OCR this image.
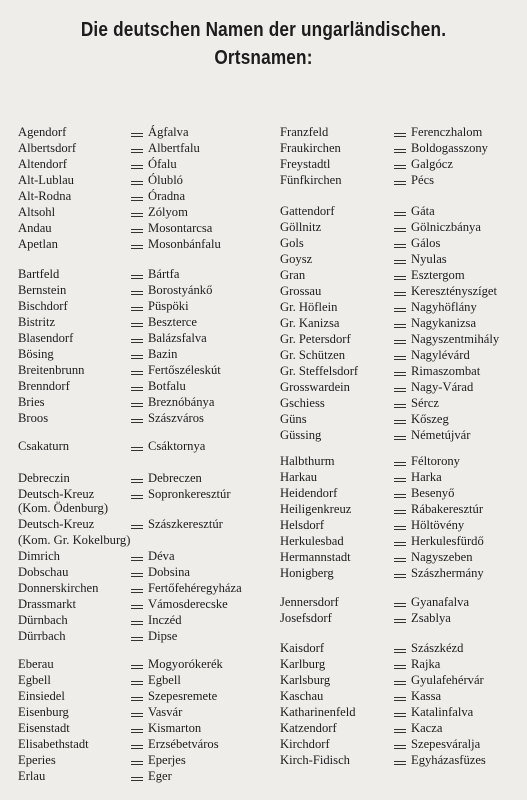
Die deutschen Namen der ungarländischen.
Ortsnamen:
Agendorf	Ágfalva
Albertsdorf	Albertfalu
Altendorf	Ófalu
Alt-Lublau	Ólubló
Alt-Rodna	Óradna
Altsohl	Zólyom
Andau	Mosontarcsa
Apetlan	Mosonbánfalu
Bartfeld	Bártfa
Bernstein	Borostyánkő
Bischdorf	Püspöki
Bistritz	Beszterce
Blasendorf	Balázsfalva
Bösing	Bazin
Breitenbrunn	Fertőszéleskút
Brenndorf	Botfalu
Bries	Breznóbánya
Broos	Szászváros
Csakaturn	Csáktornya
Debreczin	Debreczen
Deutsch-Kreuz	Sopronkeresztúr
(Kom. Ödenburg)
Deutsch-Kreuz	Szászkeresztúr
(Kom. Gr. Kokelburg)
Dimrich	Déva
Dobschau	Dobsina
Donnerskirchen	Fertőfehéregyháza
Drassmarkt	Vámosderecske
Dürnbach	Inczéd
Dürrbach	Dipse
Eberau	Mogyorókerék
Egbell	Egbell
Einsiedel	Szepesremete
Eisenburg	Vasvár
Eisenstadt	Kismarton
Elisabethstadt	Erzsébetváros
Eperies	Eperjes
Erlau	Eger
Franzfeld	Ferenczhalom
Fraukirchen	Boldogasszony
Freystadtl	Galgócz
Fünfkirchen	Pécs
Gattendorf	Gáta
Göllnitz	Gölniczbánya
Gols	Gálos
Goysz	Nyulas
Gran	Esztergom
Grossau	Keresztényszíget
Gr. Höflein	Nagyhöflány
Gr. Kanizsa	Nagykanizsa
Gr. Petersdorf	Nagyszentmihály
Gr. Schützen	Nagylévárd
Gr. Steffelsdorf	Rimaszombat
Grosswardein	Nagy-Várad
Gschiess	Sércz
Güns	Kőszeg
Güssing	Németújvár
Halbthurm	Féltorony
Harkau	Harka
Heidendorf	Besenyő
Heiligenkreuz	Rábakeresztúr
Helsdorf	Höltövény
Herkulesbad	Herkulesfürdő
Hermannstadt	Nagyszeben
Honigberg	Szászhermány
Jennersdorf	Gyanafalva
Josefsdorf	Zsablya
Kaisdorf	Szászkézd
Karlburg	Rajka
Karlsburg	Gyulafehérvár
Kaschau	Kassa
Katharinenfeld	Katalinfalva
Katzendorf	Kacza
Kirchdorf	Szepesváralja
Kirch-Fidisch	Egyházasfüzes
